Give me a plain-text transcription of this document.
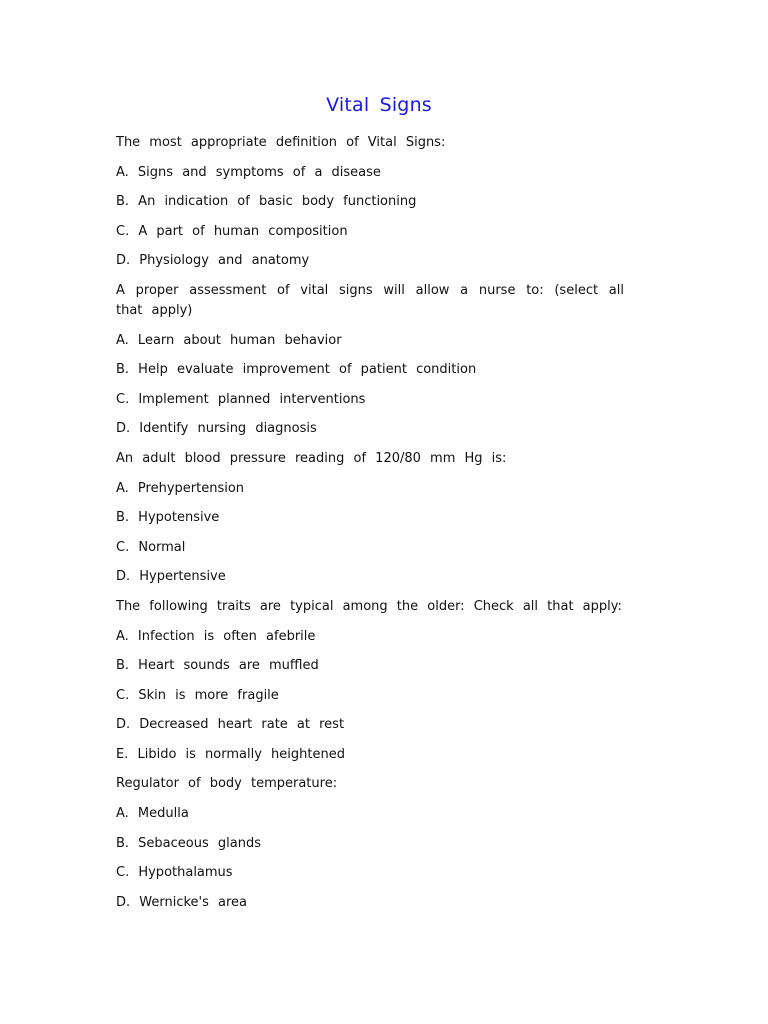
Vital Signs
The most appropriate definition of Vital Signs:
A. Signs and symptoms of a disease
B. An indication of basic body functioning
C. A part of human composition
D. Physiology and anatomy
A proper assessment of vital signs will allow a nurse to: (select all that apply)
A. Learn about human behavior
B. Help evaluate improvement of patient condition
C. Implement planned interventions
D. Identify nursing diagnosis
An adult blood pressure reading of 120/80 mm Hg is:
A. Prehypertension
B. Hypotensive
C. Normal
D. Hypertensive
The following traits are typical among the older: Check all that apply:
A. Infection is often afebrile
B. Heart sounds are muffled
C. Skin is more fragile
D. Decreased heart rate at rest
E. Libido is normally heightened
Regulator of body temperature:
A. Medulla
B. Sebaceous glands
C. Hypothalamus
D. Wernicke's area
